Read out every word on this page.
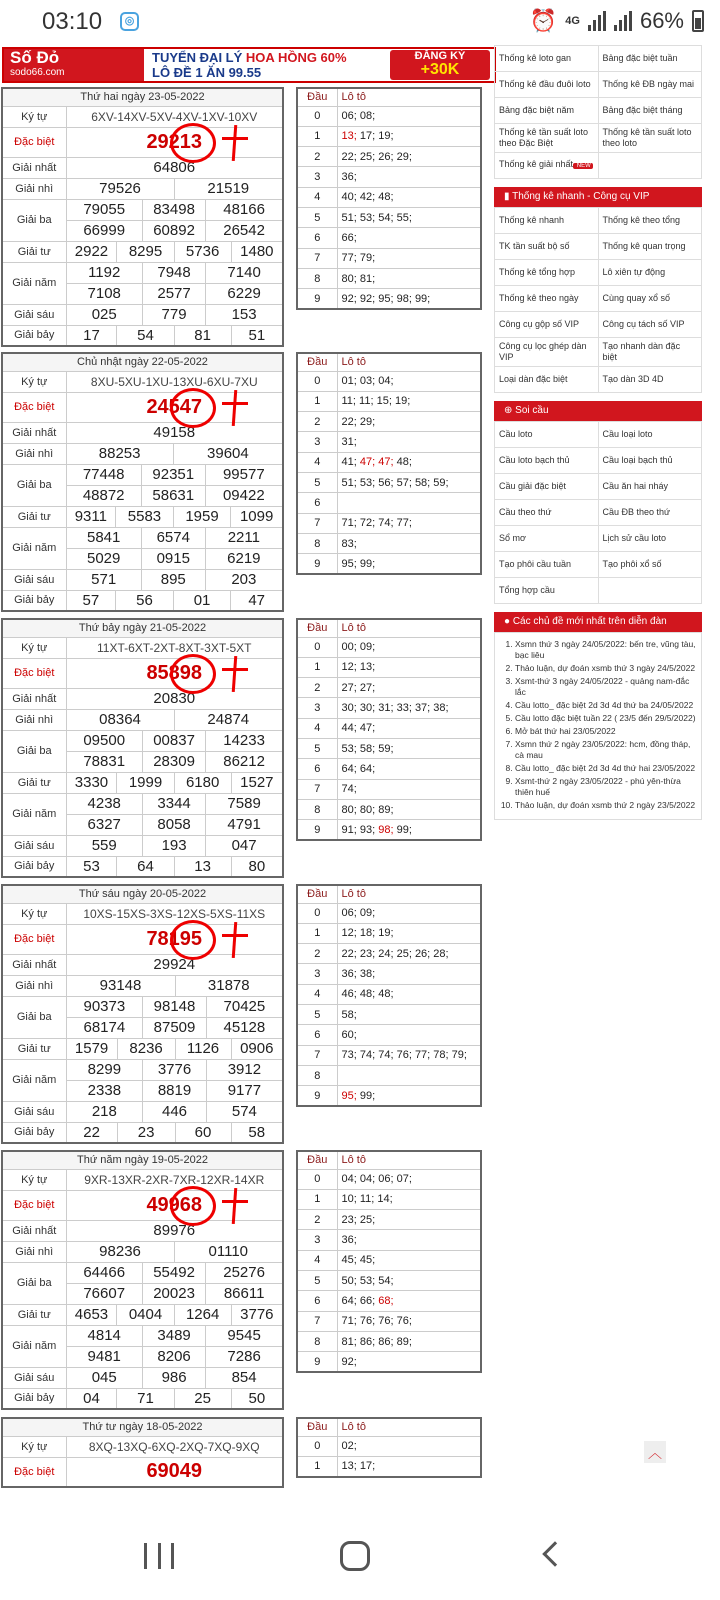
03:10	◎	⏰ 4G	66%
Số Đỏ
sodo66.com
TUYỂN ĐẠI LÝ HOA HỒNG 60%
LÔ ĐỀ 1 ĂN 99.55
ĐĂNG KÝ
+30K
Thứ hai ngày 23-05-2022						
Ký tự	6XV-14XV-5XV-4XV-1XV-10XV					
Đặc biệt	29213					
Giải nhất	64806					
Giải nhì	79526			21519		
Giải ba	79055		83498		48166	
	66999		60892		26542	
Giải tư	2922	8295		5736		1480
Giải năm	1192		7948		7140	
	7108		2577		6229	
Giải sáu	025		779		153	
Giải bảy	17	54		81		51
Đầu	Lô tô
0	06; 08;
1	13; 17; 19;
2	22; 25; 26; 29;
3	36;
4	40; 42; 48;
5	51; 53; 54; 55;
6	66;
7	77; 79;
8	80; 81;
9	92; 92; 95; 98; 99;
Chủ nhật ngày 22-05-2022						
Ký tự	8XU-5XU-1XU-13XU-6XU-7XU					
Đặc biệt	24547					
Giải nhất	49158					
Giải nhì	88253			39604		
Giải ba	77448		92351		99577	
	48872		58631		09422	
Giải tư	9311	5583		1959		1099
Giải năm	5841		6574		2211	
	5029		0915		6219	
Giải sáu	571		895		203	
Giải bảy	57	56		01		47
Đầu	Lô tô
0	01; 03; 04;
1	11; 11; 15; 19;
2	22; 29;
3	31;
4	41; 47; 47; 48;
5	51; 53; 56; 57; 58; 59;
6	
7	71; 72; 74; 77;
8	83;
9	95; 99;
Thứ bảy ngày 21-05-2022						
Ký tự	11XT-6XT-2XT-8XT-3XT-5XT					
Đặc biệt	85898					
Giải nhất	20830					
Giải nhì	08364			24874		
Giải ba	09500		00837		14233	
	78831		28309		86212	
Giải tư	3330	1999		6180		1527
Giải năm	4238		3344		7589	
	6327		8058		4791	
Giải sáu	559		193		047	
Giải bảy	53	64		13		80
Đầu	Lô tô
0	00; 09;
1	12; 13;
2	27; 27;
3	30; 30; 31; 33; 37; 38;
4	44; 47;
5	53; 58; 59;
6	64; 64;
7	74;
8	80; 80; 89;
9	91; 93; 98; 99;
Thứ sáu ngày 20-05-2022						
Ký tự	10XS-15XS-3XS-12XS-5XS-11XS					
Đặc biệt	78195					
Giải nhất	29924					
Giải nhì	93148			31878		
Giải ba	90373		98148		70425	
	68174		87509		45128	
Giải tư	1579	8236		1126		0906
Giải năm	8299		3776		3912	
	2338		8819		9177	
Giải sáu	218		446		574	
Giải bảy	22	23		60		58
Đầu	Lô tô
0	06; 09;
1	12; 18; 19;
2	22; 23; 24; 25; 26; 28;
3	36; 38;
4	46; 48; 48;
5	58;
6	60;
7	73; 74; 74; 76; 77; 78; 79;
8	
9	95; 99;
Thứ năm ngày 19-05-2022						
Ký tự	9XR-13XR-2XR-7XR-12XR-14XR					
Đặc biệt	49968					
Giải nhất	89976					
Giải nhì	98236			01110		
Giải ba	64466		55492		25276	
	76607		20023		86611	
Giải tư	4653	0404		1264		3776
Giải năm	4814		3489		9545	
	9481		8206		7286	
Giải sáu	045		986		854	
Giải bảy	04	71		25		50
Đầu	Lô tô
0	04; 04; 06; 07;
1	10; 11; 14;
2	23; 25;
3	36;
4	45; 45;
5	50; 53; 54;
6	64; 66; 68;
7	71; 76; 76; 76;
8	81; 86; 86; 89;
9	92;
Thứ tư ngày 18-05-2022	
Ký tự	8XQ-13XQ-6XQ-2XQ-7XQ-9XQ
Đặc biệt	69049
Đầu	Lô tô
0	02;
1	13; 17;
Thống kê loto gan	Bảng đặc biệt tuần
Thống kê đầu đuôi loto	Thống kê ĐB ngày mai
Bảng đặc biệt năm	Bảng đặc biệt tháng
Thống kê tần suất loto theo Đặc Biệt	Thống kê tần suất loto theo loto
Thống kê giải nhất NEW	
▮ Thống kê nhanh - Công cụ VIP
Thống kê nhanh	Thống kê theo tổng
TK tần suất bộ số	Thống kê quan trọng
Thống kê tổng hợp	Lô xiên tự động
Thống kê theo ngày	Cùng quay xổ số
Công cụ gộp số VIP	Công cụ tách số VIP
Công cụ lọc ghép dàn VIP	Tạo nhanh dàn đặc biệt
Loại dàn đặc biệt	Tạo dàn 3D 4D
⊕ Soi cầu
Cầu loto	Cầu loại loto
Cầu loto bạch thủ	Cầu loại bạch thủ
Cầu giải đặc biệt	Cầu ăn hai nháy
Cầu theo thứ	Cầu ĐB theo thứ
Sổ mơ	Lịch sử cầu loto
Tạo phôi cầu tuần	Tạo phôi xổ số
Tổng hợp cầu	
● Các chủ đề mới nhất trên diễn đàn
1. Xsmn thứ 3 ngày 24/05/2022: bến tre, vũng tàu, bạc liêu
2. Thảo luận, dự đoán xsmb thứ 3 ngày 24/5/2022
3. Xsmt-thứ 3 ngày 24/05/2022 - quảng nam-đắc lắc
4. Cầu lotto_ đặc biệt 2d 3d 4d thứ ba 24/05/2022
5. Cầu lotto đặc biệt tuần 22 ( 23/5 đến 29/5/2022)
6. Mở bát thứ hai 23/05/2022
7. Xsmn thứ 2 ngày 23/05/2022: hcm, đồng tháp, cà mau
8. Cầu lotto_ đặc biệt 2d 3d 4d thứ hai 23/05/2022
9. Xsmt-thứ 2 ngày 23/05/2022 - phú yên-thừa thiên huế
10. Thảo luận, dự đoán xsmb thứ 2 ngày 23/5/2022
︿
